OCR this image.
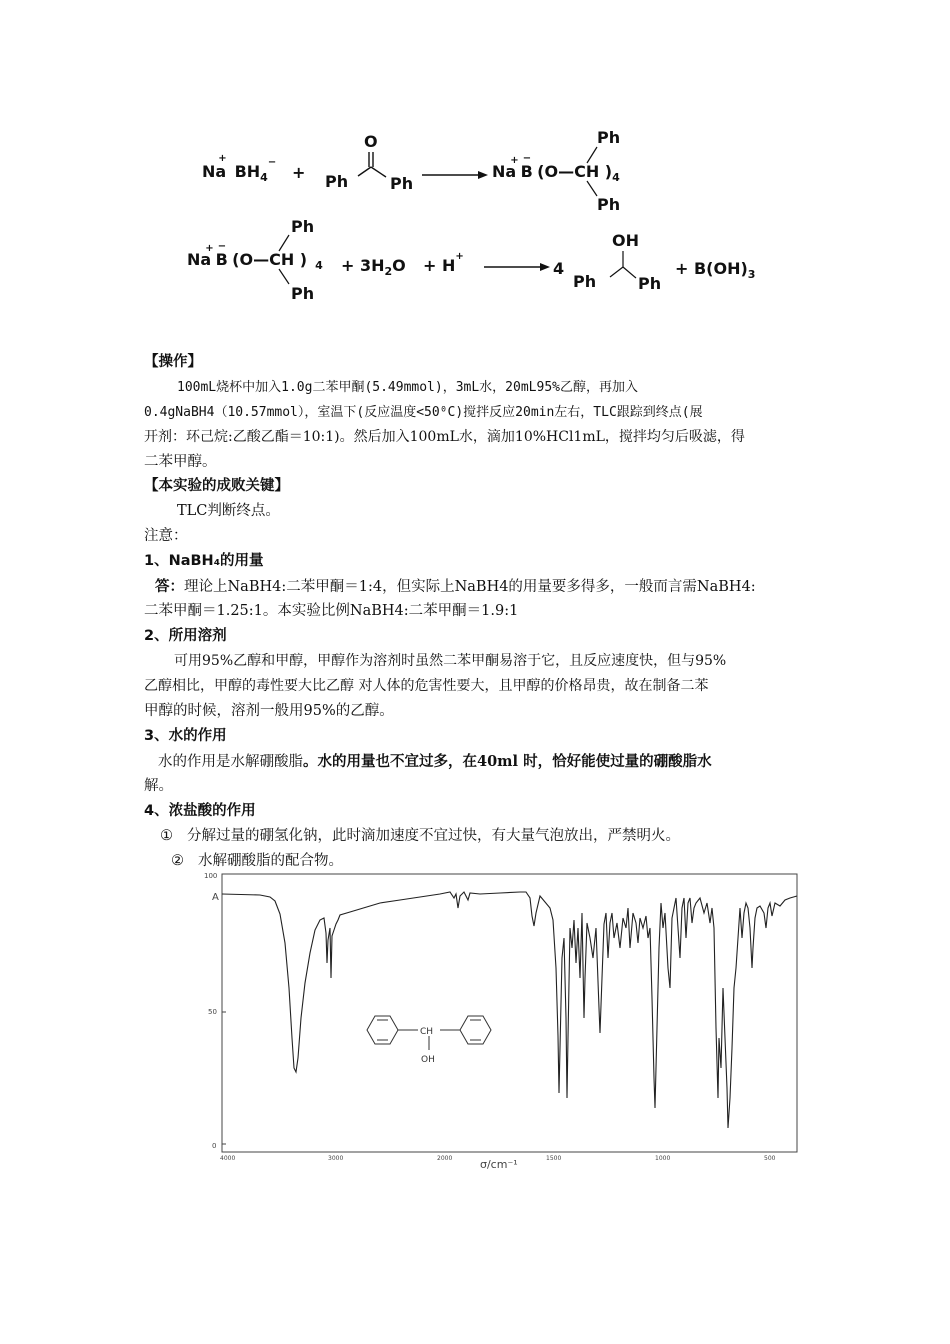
$Na^+BH_4^-$
+
O
Ph	Ph
Na+B−(O—CH )$_4$
Ph
Ph
Na+B−(O—CH ) $_4$
Ph
Ph
+ $3H_2O + H^+$
4
OH
Ph	Ph
+ $B(OH)_3$
【操作】
100mL烧杯中加入1.0g二苯甲酮(5.49mmol)，3mL水，20mL95%乙醇，再加入
0.4gNaBH4（10.57mmol），室温下(反应温度<50⁰C)搅拌反应20min左右，TLC跟踪到终点(展
开剂：环己烷:乙酸乙酯＝10:1)。然后加入100mL水，滴加10%HCl1mL，搅拌均匀后吸滤，得
二苯甲醇。
【本实验的成败关键】
TLC判断终点。
注意：
1、NaBH₄的用量
答：理论上NaBH4:二苯甲酮＝1:4，但实际上NaBH4的用量要多得多，一般而言需NaBH4:
二苯甲酮＝1.25:1。本实验比例NaBH4:二苯甲酮＝1.9:1
2、所用溶剂
可用95%乙醇和甲醇，甲醇作为溶剂时虽然二苯甲酮易溶于它，且反应速度快，但与95%
乙醇相比，甲醇的毒性要大比乙醇 对人体的危害性要大，且甲醇的价格昂贵，故在制备二苯
甲醇的时候，溶剂一般用95%的乙醇。
3、水的作用
水的作用是水解硼酸脂。水的用量也不宜过多，在40ml 时，恰好能使过量的硼酸脂水
解。
4、浓盐酸的作用
① 分解过量的硼氢化钠，此时滴加速度不宜过快，有大量气泡放出，严禁明火。
② 水解硼酸脂的配合物。
100
A
50
0
4000	3000	2000	1500	1000	500
σ/cm⁻¹
CH
OH
